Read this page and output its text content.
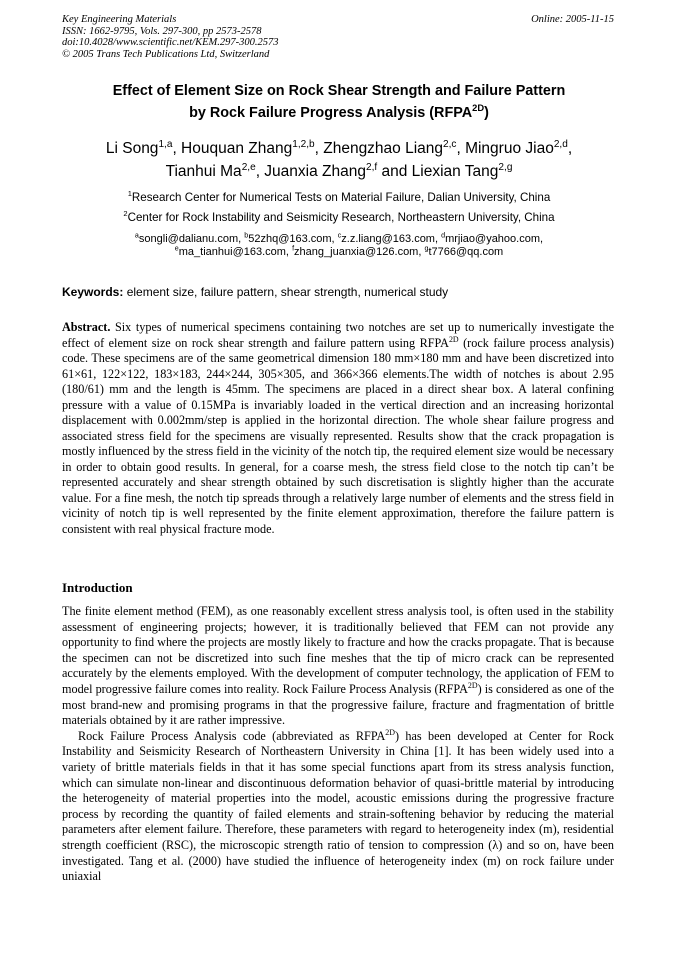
Key Engineering Materials
ISSN: 1662-9795, Vols. 297-300, pp 2573-2578
doi:10.4028/www.scientific.net/KEM.297-300.2573
© 2005 Trans Tech Publications Ltd, Switzerland
Online: 2005-11-15
Effect of Element Size on Rock Shear Strength and Failure Pattern
by Rock Failure Progress Analysis $(RFPA^{2D})$
Li Song$^{1,a}$, Houquan Zhang$^{1,2,b}$, Zhengzhao Liang$^{2,c}$, Mingruo Jiao$^{2,d}$,
Tianhui Ma$^{2,e}$, Juanxia Zhang$^{2,f}$ and Liexian Tang$^{2,g}$
$^1$Research Center for Numerical Tests on Material Failure, Dalian University, China
$^2$Center for Rock Instability and Seismicity Research, Northeastern University, China
$^a$songli@dalianu.com, $^b$52zhq@163.com, $^c$z.z.liang@163.com, $^d$mrjiao@yahoo.com,
$^e$ma_tianhui@163.com, $^f$zhang_juanxia@126.com, $^g$t7766@qq.com
Keywords: element size, failure pattern, shear strength, numerical study
Abstract. Six types of numerical specimens containing two notches are set up to numerically investigate the effect of element size on rock shear strength and failure pattern using $RFPA^{2D}$ (rock failure process analysis) code. These specimens are of the same geometrical dimension 180 mm×180 mm and have been discretized into 61×61, 122×122, 183×183, 244×244, 305×305, and 366×366 elements.The width of notches is about 2.95 (180/61) mm and the length is 45mm. The specimens are placed in a direct shear box. A lateral confining pressure with a value of 0.15MPa is invariably loaded in the vertical direction and an increasing horizontal displacement with 0.002mm/step is applied in the horizontal direction. The whole shear failure progress and associated stress field for the specimens are visually represented. Results show that the crack propagation is mostly influenced by the stress field in the vicinity of the notch tip, the required element size would be necessary in order to obtain good results. In general, for a coarse mesh, the stress field close to the notch tip can’t be represented accurately and shear strength obtained by such discretisation is slightly higher than the accurate value. For a fine mesh, the notch tip spreads through a relatively large number of elements and the stress field in vicinity of notch tip is well represented by the finite element approximation, therefore the failure pattern is consistent with real physical fracture mode.
Introduction

The finite element method (FEM), as one reasonably excellent stress analysis tool, is often used in the stability assessment of engineering projects; however, it is traditionally believed that FEM can not provide any opportunity to find where the projects are mostly likely to fracture and how the cracks propagate. That is because the specimen can not be discretized into such fine meshes that the tip of micro crack can be represented accurately by the elements employed. With the development of computer technology, the application of FEM to model progressive failure comes into reality. Rock Failure Process Analysis $(RFPA^{2D})$ is considered as one of the most brand-new and promising programs in that the progressive failure, fracture and fragmentation of brittle materials obtained by it are rather impressive.

Rock Failure Process Analysis code (abbreviated as $RFPA^{2D}$) has been developed at Center for Rock Instability and Seismicity Research of Northeastern University in China [1]. It has been widely used into a variety of brittle materials fields in that it has some special functions apart from its stress analysis function, which can simulate non-linear and discontinuous deformation behavior of quasi-brittle material by introducing the heterogeneity of material properties into the model, acoustic emissions during the progressive fracture process by recording the quantity of failed elements and strain-softening behavior by reducing the material parameters after element failure. Therefore, these parameters with regard to heterogeneity index (m), residential strength coefficient (RSC), the microscopic strength ratio of tension to compression (λ) and so on, have been investigated. Tang et al. (2000) have studied the influence of heterogeneity index (m) on rock failure under uniaxial
